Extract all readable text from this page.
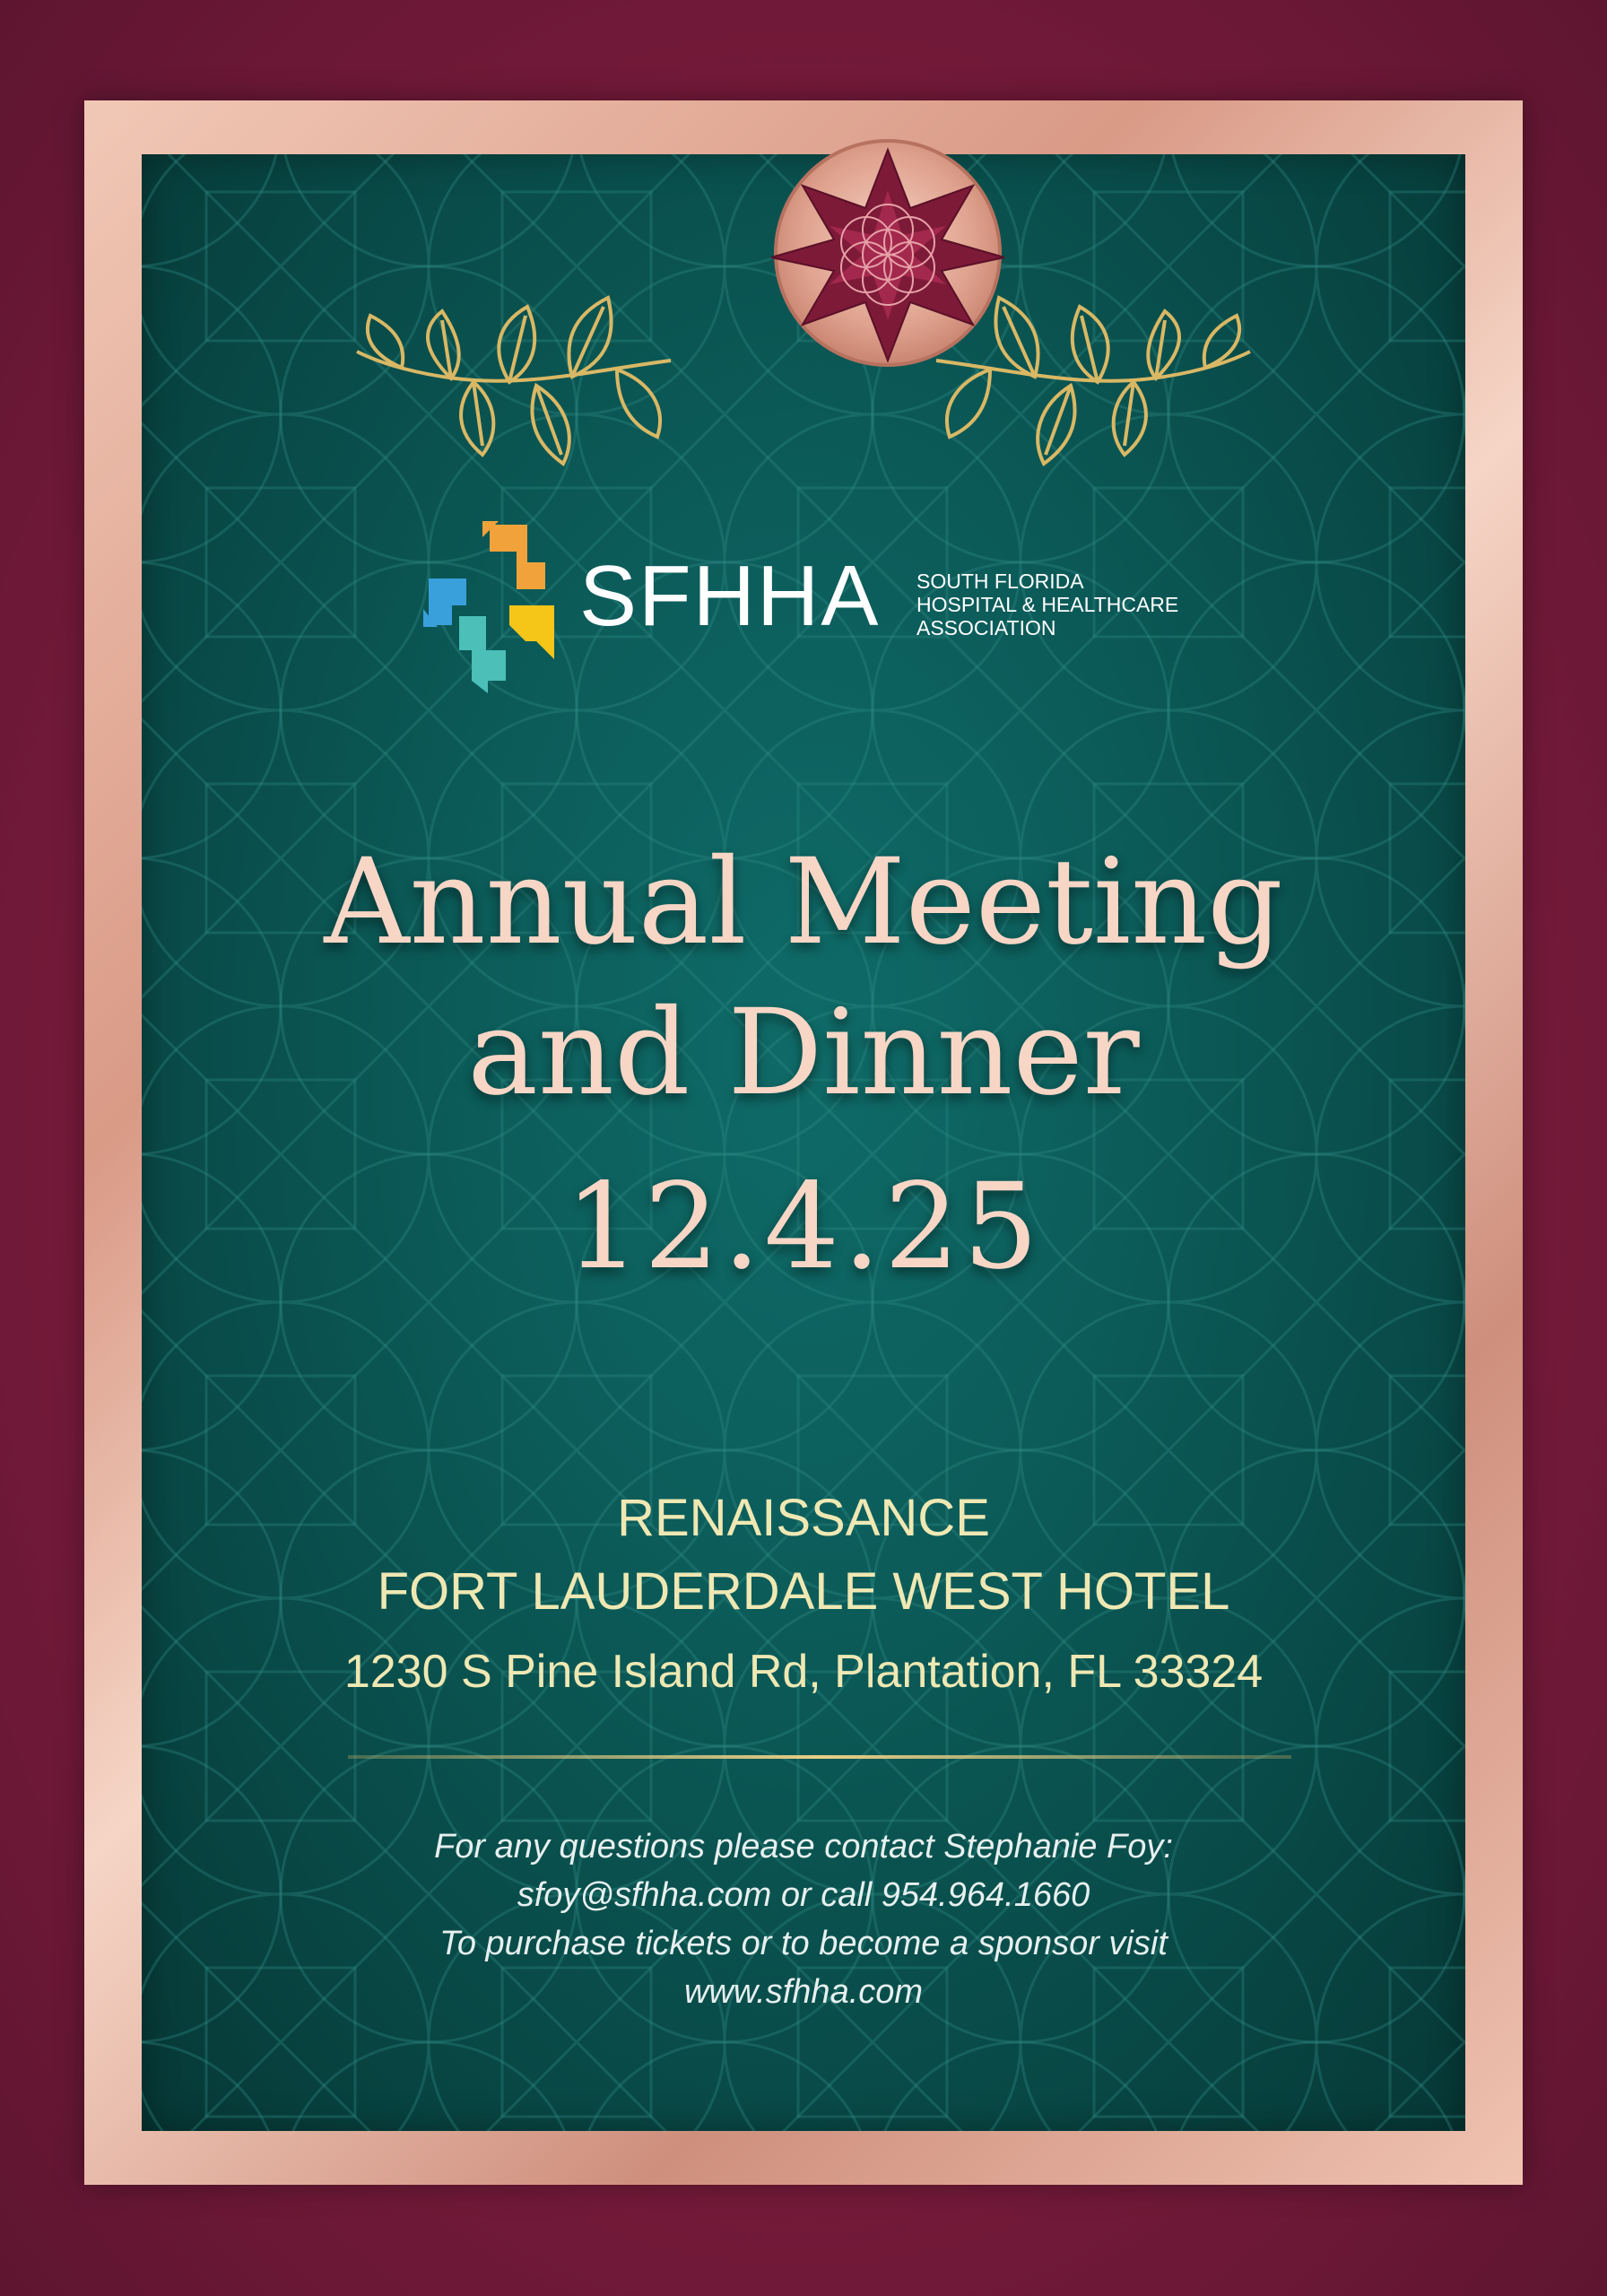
SFHHA SOUTH FLORIDA
HOSPITAL & HEALTHCARE
ASSOCIATION
Annual Meeting
and Dinner
12.4.25
RENAISSANCE
FORT LAUDERDALE WEST HOTEL
1230 S Pine Island Rd, Plantation, FL 33324
For any questions please contact Stephanie Foy:
sfoy@sfhha.com or call 954.964.1660
To purchase tickets or to become a sponsor visit
www.sfhha.com
